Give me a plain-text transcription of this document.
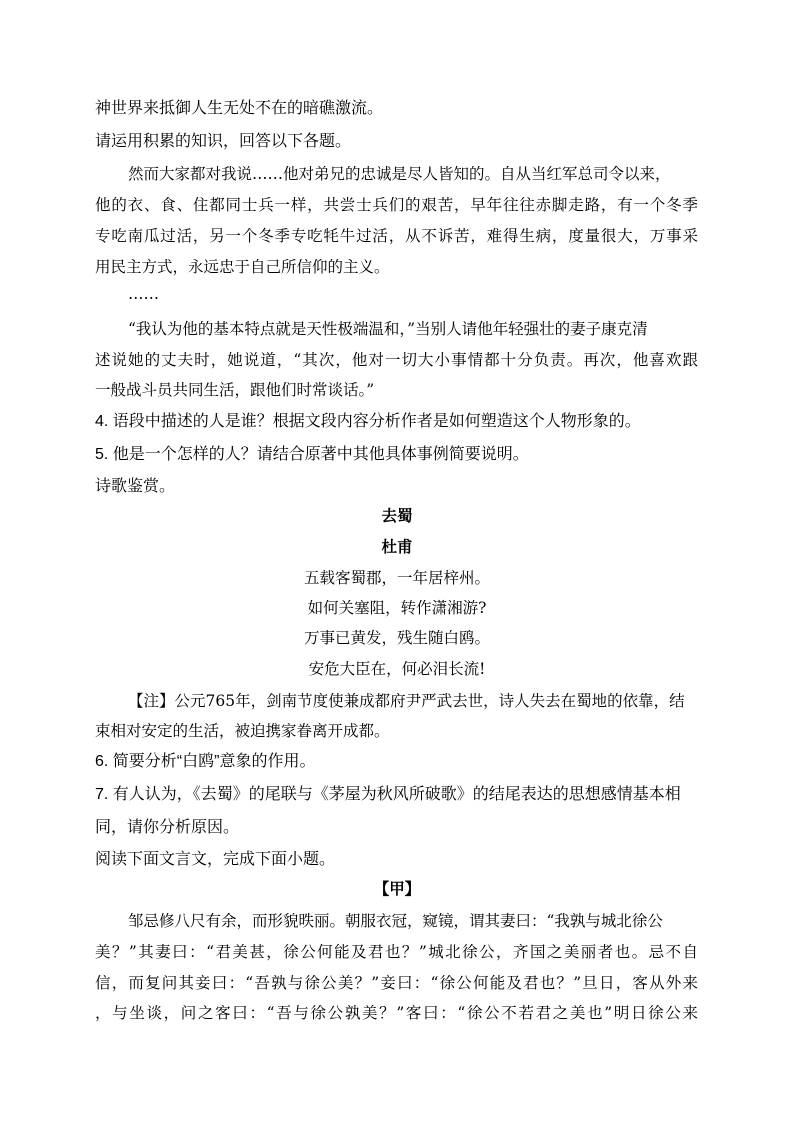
神世界来抵御人生无处不在的暗礁激流。
请运用积累的知识，回答以下各题。
然而大家都对我说……他对弟兄的忠诚是尽人皆知的。自从当红军总司令以来，
他的衣、食、住都同士兵一样，共尝士兵们的艰苦，早年往往赤脚走路，有一个冬季
专吃南瓜过活，另一个冬季专吃牦牛过活，从不诉苦，难得生病，度量很大，万事采
用民主方式，永远忠于自己所信仰的主义。
……
“我认为他的基本特点就是天性极端温和，”当别人请他年轻强壮的妻子康克清
述说她的丈夫时，她说道，“其次，他对一切大小事情都十分负责。再次，他喜欢跟
一般战斗员共同生活，跟他们时常谈话。”
4. 语段中描述的人是谁？根据文段内容分析作者是如何塑造这个人物形象的。
5. 他是一个怎样的人？请结合原著中其他具体事例简要说明。
诗歌鉴赏。
去蜀
杜甫
五载客蜀郡，一年居梓州。
如何关塞阻，转作潇湘游?
万事已黄发，残生随白鸥。
安危大臣在，何必泪长流!
【注】公元765年，剑南节度使兼成都府尹严武去世，诗人失去在蜀地的依靠，结
束相对安定的生活，被迫携家眷离开成都。
6. 简要分析“白鸥”意象的作用。
7. 有人认为，《去蜀》的尾联与《茅屋为秋风所破歌》的结尾表达的思想感情基本相
同，请你分析原因。
阅读下面文言文，完成下面小题。
【甲】
邹忌修八尺有余，而形貌昳丽。朝服衣冠，窥镜，谓其妻曰：“我孰与城北徐公
美？”其妻曰：“君美甚，徐公何能及君也？”城北徐公，齐国之美丽者也。忌不自
信，而复问其妾曰：“吾孰与徐公美？”妾曰：“徐公何能及君也？”旦日，客从外来
，与坐谈，问之客曰：“吾与徐公孰美？”客曰：“徐公不若君之美也”明日徐公来
